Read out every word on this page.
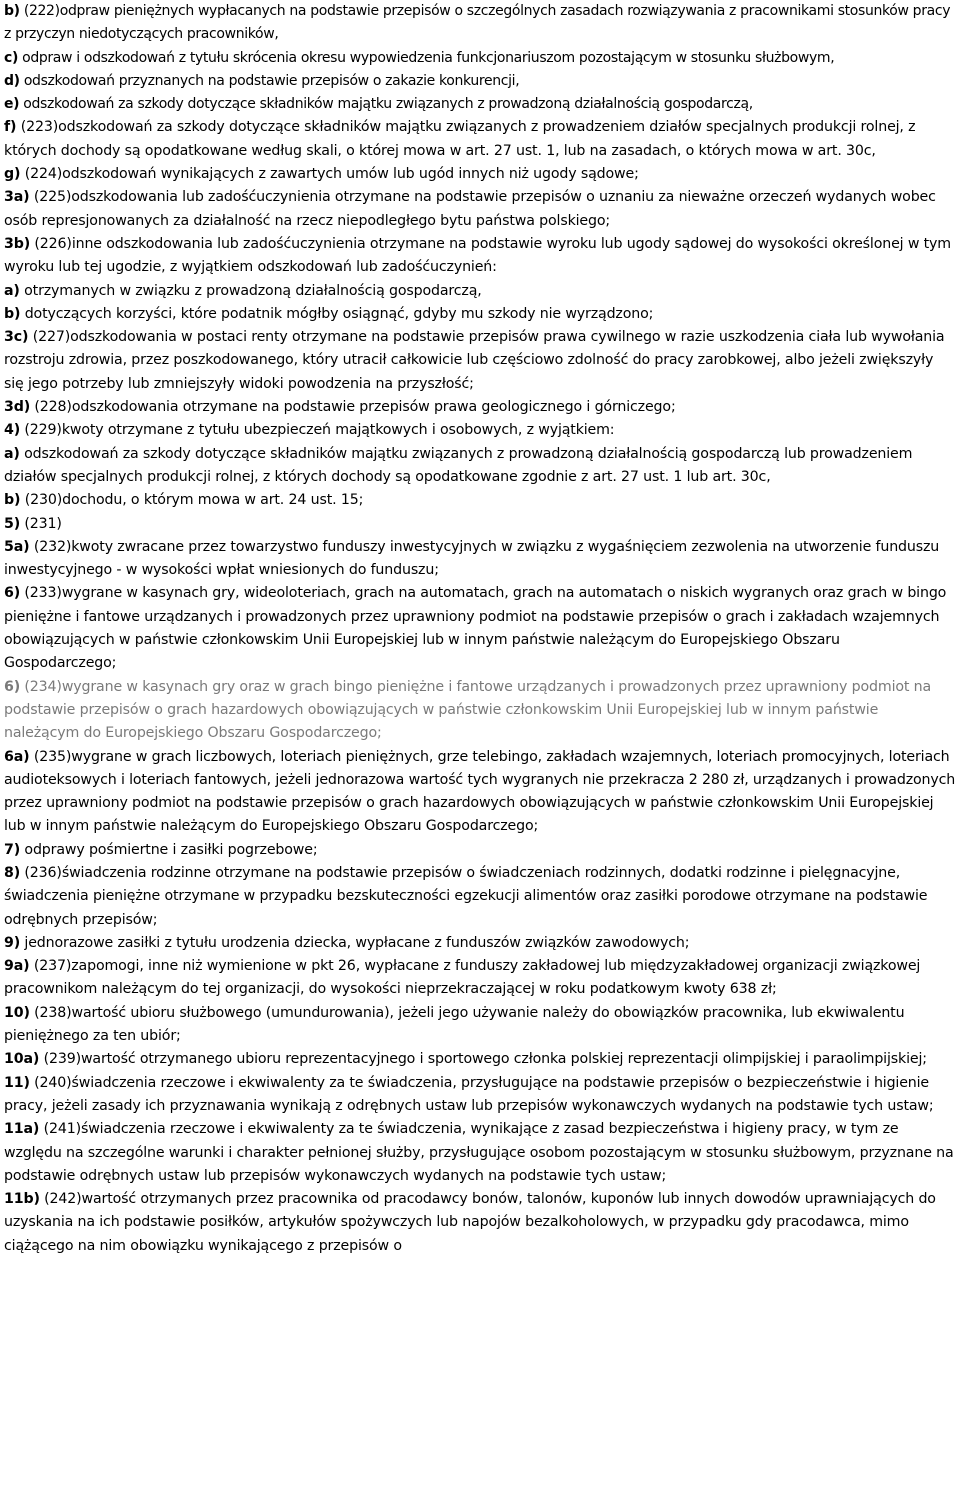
b) (222)odpraw pieniężnych wypłacanych na podstawie przepisów o szczególnych zasadach rozwiązywania z pracownikami stosunków pracy z przyczyn niedotyczących pracowników,

c) odpraw i odszkodowań z tytułu skrócenia okresu wypowiedzenia funkcjonariuszom pozostającym w stosunku służbowym,

d) odszkodowań przyznanych na podstawie przepisów o zakazie konkurencji,

e) odszkodowań za szkody dotyczące składników majątku związanych z prowadzoną działalnością gospodarczą,

f) (223)odszkodowań za szkody dotyczące składników majątku związanych z prowadzeniem działów specjalnych produkcji rolnej, z których dochody są opodatkowane według skali, o której mowa w art. 27 ust. 1, lub na zasadach, o których mowa w art. 30c,

g) (224)odszkodowań wynikających z zawartych umów lub ugód innych niż ugody sądowe;

3a) (225)odszkodowania lub zadośćuczynienia otrzymane na podstawie przepisów o uznaniu za nieważne orzeczeń wydanych wobec osób represjonowanych za działalność na rzecz niepodległego bytu państwa polskiego;

3b) (226)inne odszkodowania lub zadośćuczynienia otrzymane na podstawie wyroku lub ugody sądowej do wysokości określonej w tym wyroku lub tej ugodzie, z wyjątkiem odszkodowań lub zadośćuczynień:

a) otrzymanych w związku z prowadzoną działalnością gospodarczą,

b) dotyczących korzyści, które podatnik mógłby osiągnąć, gdyby mu szkody nie wyrządzono;

3c) (227)odszkodowania w postaci renty otrzymane na podstawie przepisów prawa cywilnego w razie uszkodzenia ciała lub wywołania rozstroju zdrowia, przez poszkodowanego, który utracił całkowicie lub częściowo zdolność do pracy zarobkowej, albo jeżeli zwiększyły się jego potrzeby lub zmniejszyły widoki powodzenia na przyszłość;

3d) (228)odszkodowania otrzymane na podstawie przepisów prawa geologicznego i górniczego;

4) (229)kwoty otrzymane z tytułu ubezpieczeń majątkowych i osobowych, z wyjątkiem:

a) odszkodowań za szkody dotyczące składników majątku związanych z prowadzoną działalnością gospodarczą lub prowadzeniem działów specjalnych produkcji rolnej, z których dochody są opodatkowane zgodnie z art. 27 ust. 1 lub art. 30c,

b) (230)dochodu, o którym mowa w art. 24 ust. 15;

5) (231)

5a) (232)kwoty zwracane przez towarzystwo funduszy inwestycyjnych w związku z wygaśnięciem zezwolenia na utworzenie funduszu inwestycyjnego - w wysokości wpłat wniesionych do funduszu;

6) (233)wygrane w kasynach gry, wideoloteriach, grach na automatach, grach na automatach o niskich wygranych oraz grach w bingo pieniężne i fantowe urządzanych i prowadzonych przez uprawniony podmiot na podstawie przepisów o grach i zakładach wzajemnych obowiązujących w państwie członkowskim Unii Europejskiej lub w innym państwie należącym do Europejskiego Obszaru Gospodarczego;

6) (234)wygrane w kasynach gry oraz w grach bingo pieniężne i fantowe urządzanych i prowadzonych przez uprawniony podmiot na podstawie przepisów o grach hazardowych obowiązujących w państwie członkowskim Unii Europejskiej lub w innym państwie należącym do Europejskiego Obszaru Gospodarczego;

6a) (235)wygrane w grach liczbowych, loteriach pieniężnych, grze telebingo, zakładach wzajemnych, loteriach promocyjnych, loteriach audioteksowych i loteriach fantowych, jeżeli jednorazowa wartość tych wygranych nie przekracza 2 280 zł, urządzanych i prowadzonych przez uprawniony podmiot na podstawie przepisów o grach hazardowych obowiązujących w państwie członkowskim Unii Europejskiej lub w innym państwie należącym do Europejskiego Obszaru Gospodarczego;

7) odprawy pośmiertne i zasiłki pogrzebowe;

8) (236)świadczenia rodzinne otrzymane na podstawie przepisów o świadczeniach rodzinnych, dodatki rodzinne i pielęgnacyjne, świadczenia pieniężne otrzymane w przypadku bezskuteczności egzekucji alimentów oraz zasiłki porodowe otrzymane na podstawie odrębnych przepisów;

9) jednorazowe zasiłki z tytułu urodzenia dziecka, wypłacane z funduszów związków zawodowych;

9a) (237)zapomogi, inne niż wymienione w pkt 26, wypłacane z funduszy zakładowej lub międzyzakładowej organizacji związkowej pracownikom należącym do tej organizacji, do wysokości nieprzekraczającej w roku podatkowym kwoty 638 zł;

10) (238)wartość ubioru służbowego (umundurowania), jeżeli jego używanie należy do obowiązków pracownika, lub ekwiwalentu pieniężnego za ten ubiór;

10a) (239)wartość otrzymanego ubioru reprezentacyjnego i sportowego członka polskiej reprezentacji olimpijskiej i paraolimpijskiej;

11) (240)świadczenia rzeczowe i ekwiwalenty za te świadczenia, przysługujące na podstawie przepisów o bezpieczeństwie i higienie pracy, jeżeli zasady ich przyznawania wynikają z odrębnych ustaw lub przepisów wykonawczych wydanych na podstawie tych ustaw;

11a) (241)świadczenia rzeczowe i ekwiwalenty za te świadczenia, wynikające z zasad bezpieczeństwa i higieny pracy, w tym ze względu na szczególne warunki i charakter pełnionej służby, przysługujące osobom pozostającym w stosunku służbowym, przyznane na podstawie odrębnych ustaw lub przepisów wykonawczych wydanych na podstawie tych ustaw;

11b) (242)wartość otrzymanych przez pracownika od pracodawcy bonów, talonów, kuponów lub innych dowodów uprawniających do uzyskania na ich podstawie posiłków, artykułów spożywczych lub napojów bezalkoholowych, w przypadku gdy pracodawca, mimo ciążącego na nim obowiązku wynikającego z przepisów o
